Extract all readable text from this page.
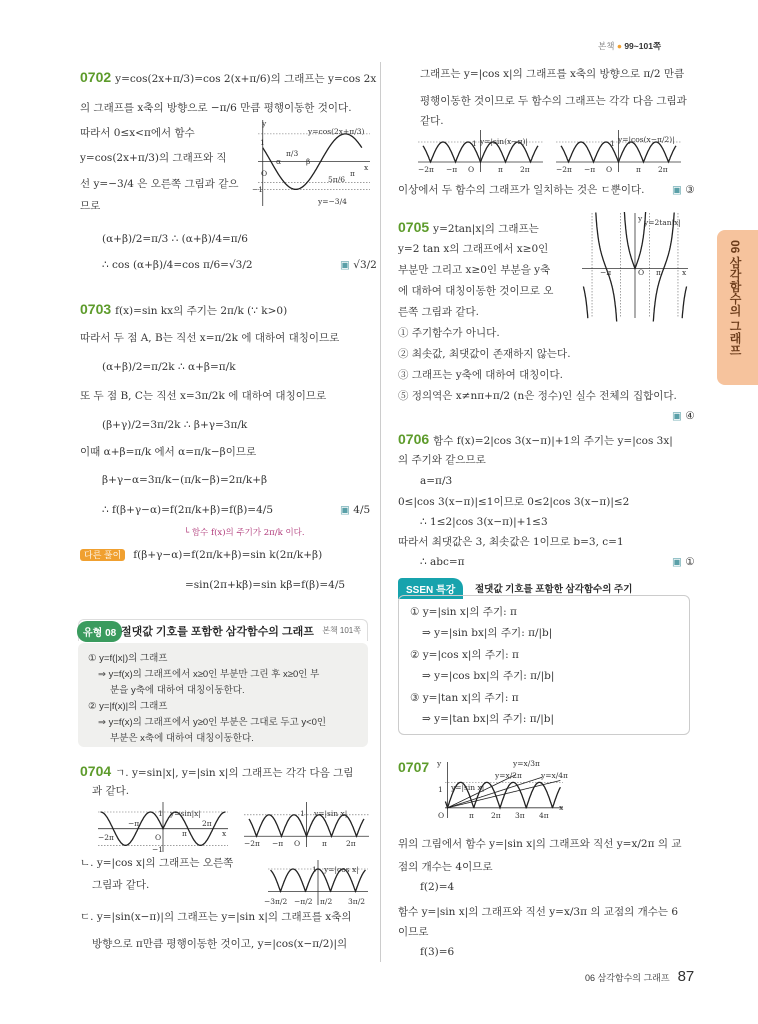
본책 ● 99~101쪽
06 삼각함수의 그래프
0702 y=cos(2x+π/3)=cos 2(x+π/6)의 그래프는 y=cos 2x
의 그래프를 x축의 방향으로 −π/6 만큼 평행이동한 것이다.
따라서 0≤x<π에서 함수
y=cos(2x+π/3)의 그래프와 직
선 y=−3/4 은 오른쪽 그림과 같으
므로
(α+β)/2=π/3 ∴ (α+β)/4=π/6
∴ cos (α+β)/4=cos π/6=√3/2	▣ √3/2
y=cos(2x+π/3)
y=−3/4
1
−1
O
α
π/3
β
5π/6
π
x
y
0703 f(x)=sin kx의 주기는 2π/k (∵ k>0)
따라서 두 점 A, B는 직선 x=π/2k 에 대하여 대칭이므로
(α+β)/2=π/2k ∴ α+β=π/k
또 두 점 B, C는 직선 x=3π/2k 에 대하여 대칭이므로
(β+γ)/2=3π/2k ∴ β+γ=3π/k
이때 α+β=π/k 에서 α=π/k−β이므로
β+γ−α=3π/k−(π/k−β)=2π/k+β
∴ f(β+γ−α)=f(2π/k+β)=f(β)=4/5	▣ 4/5
└ 함수 f(x)의 주기가 2π/k 이다.
다른 풀이 f(β+γ−α)=f(2π/k+β)=sin k(2π/k+β)
=sin(2π+kβ)=sin kβ=f(β)=4/5
유형 08 절댓값 기호를 포함한 삼각함수의 그래프 본책 101쪽
① y=f(|x|)의 그래프
⇒ y=f(x)의 그래프에서 x≥0인 부분만 그린 후 x≥0인 부
분을 y축에 대하여 대칭이동한다.
② y=|f(x)|의 그래프
⇒ y=f(x)의 그래프에서 y≥0인 부분은 그대로 두고 y<0인
부분은 x축에 대하여 대칭이동한다.
0704 ㄱ. y=sin|x|, y=|sin x|의 그래프는 각각 다음 그림
과 같다.
y=sin|x|
1
−1
−2π
−π
O	π
2π
x
y=|sin x|
1
−2π −π O	π	2π
ㄴ. y=|cos x|의 그래프는 오른쪽
그림과 같다.
y=|cos x|
1
−3π/2 −π/2 π/2 3π/2
ㄷ. y=|sin(x−π)|의 그래프는 y=|sin x|의 그래프를 x축의
방향으로 π만큼 평행이동한 것이고, y=|cos(x−π/2)|의
그래프는 y=|cos x|의 그래프를 x축의 방향으로 π/2 만큼
평행이동한 것이므로 두 함수의 그래프는 각각 다음 그림과
같다.
y=|sin(x−π)|
1
−2π −π O	π 2π
y=|cos(x−π/2)|
1
−2π −π O	π 2π
이상에서 두 함수의 그래프가 일치하는 것은 ㄷ뿐이다.	▣ ③
0705 y=2tan|x|의 그래프는
y=2 tan x의 그래프에서 x≥0인
부분만 그리고 x≥0인 부분을 y축
에 대하여 대칭이동한 것이므로 오
른쪽 그림과 같다.
① 주기함수가 아니다.
② 최솟값, 최댓값이 존재하지 않는다.
③ 그래프는 y축에 대하여 대칭이다.
⑤ 정의역은 x≠nπ+π/2 (n은 정수)인 실수 전체의 집합이다.
▣ ④
y=2tan|x|
−π	O π	x
y
0706 함수 f(x)=2|cos 3(x−π)|+1의 주기는 y=|cos 3x|
의 주기와 같으므로
a=π/3
0≤|cos 3(x−π)|≤1이므로 0≤2|cos 3(x−π)|≤2
∴ 1≤2|cos 3(x−π)|+1≤3
따라서 최댓값은 3, 최솟값은 1이므로 b=3, c=1
∴ abc=π	▣ ①
SSEN 특강	절댓값 기호를 포함한 삼각함수의 주기
① y=|sin x|의 주기: π
⇒ y=|sin bx|의 주기: π/|b|
② y=|cos x|의 주기: π
⇒ y=|cos bx|의 주기: π/|b|
③ y=|tan x|의 주기: π
⇒ y=|tan bx|의 주기: π/|b|
0707	y=x/3π
y=x/2π	y=x/4π
y=|sin x|
1
O	π 2π 3π 4π
x
y
위의 그림에서 함수 y=|sin x|의 그래프와 직선 y=x/2π 의 교
점의 개수는 4이므로
f(2)=4
함수 y=|sin x|의 그래프와 직선 y=x/3π 의 교점의 개수는 6
이므로
f(3)=6
06 삼각함수의 그래프 87
